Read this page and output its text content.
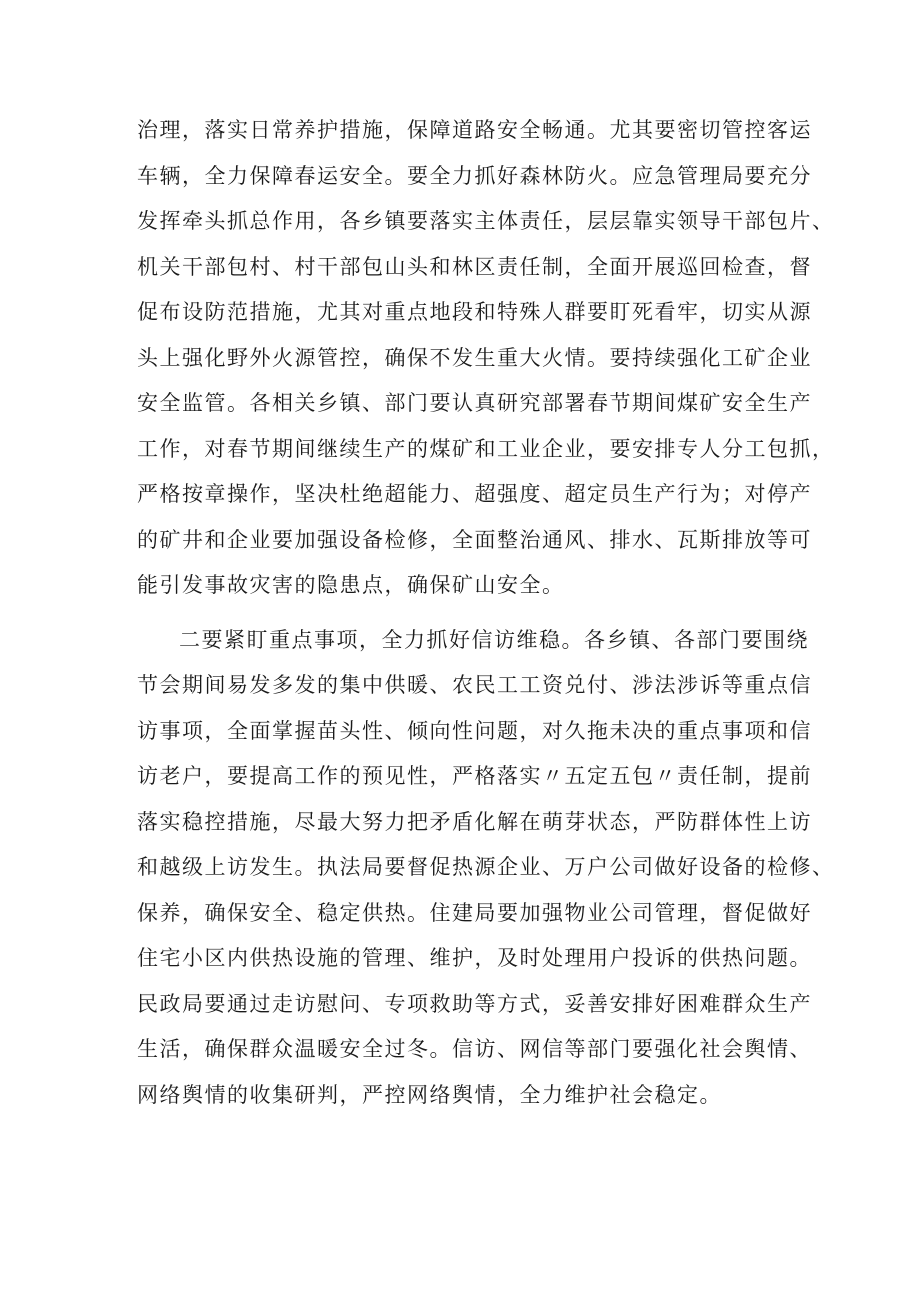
治理，落实日常养护措施，保障道路安全畅通。尤其要密切管控客运
车辆，全力保障春运安全。要全力抓好森林防火。应急管理局要充分
发挥牵头抓总作用，各乡镇要落实主体责任，层层靠实领导干部包片、
机关干部包村、村干部包山头和林区责任制，全面开展巡回检查，督
促布设防范措施，尤其对重点地段和特殊人群要盯死看牢，切实从源
头上强化野外火源管控，确保不发生重大火情。要持续强化工矿企业
安全监管。各相关乡镇、部门要认真研究部署春节期间煤矿安全生产
工作，对春节期间继续生产的煤矿和工业企业，要安排专人分工包抓，
严格按章操作，坚决杜绝超能力、超强度、超定员生产行为；对停产
的矿井和企业要加强设备检修，全面整治通风、排水、瓦斯排放等可
能引发事故灾害的隐患点，确保矿山安全。
二要紧盯重点事项，全力抓好信访维稳。各乡镇、各部门要围绕
节会期间易发多发的集中供暖、农民工工资兑付、涉法涉诉等重点信
访事项，全面掌握苗头性、倾向性问题，对久拖未决的重点事项和信
访老户，要提高工作的预见性，严格落实〃五定五包〃责任制，提前
落实稳控措施，尽最大努力把矛盾化解在萌芽状态，严防群体性上访
和越级上访发生。执法局要督促热源企业、万户公司做好设备的检修、
保养，确保安全、稳定供热。住建局要加强物业公司管理，督促做好
住宅小区内供热设施的管理、维护，及时处理用户投诉的供热问题。
民政局要通过走访慰问、专项救助等方式，妥善安排好困难群众生产
生活，确保群众温暖安全过冬。信访、网信等部门要强化社会舆情、
网络舆情的收集研判，严控网络舆情，全力维护社会稳定。
